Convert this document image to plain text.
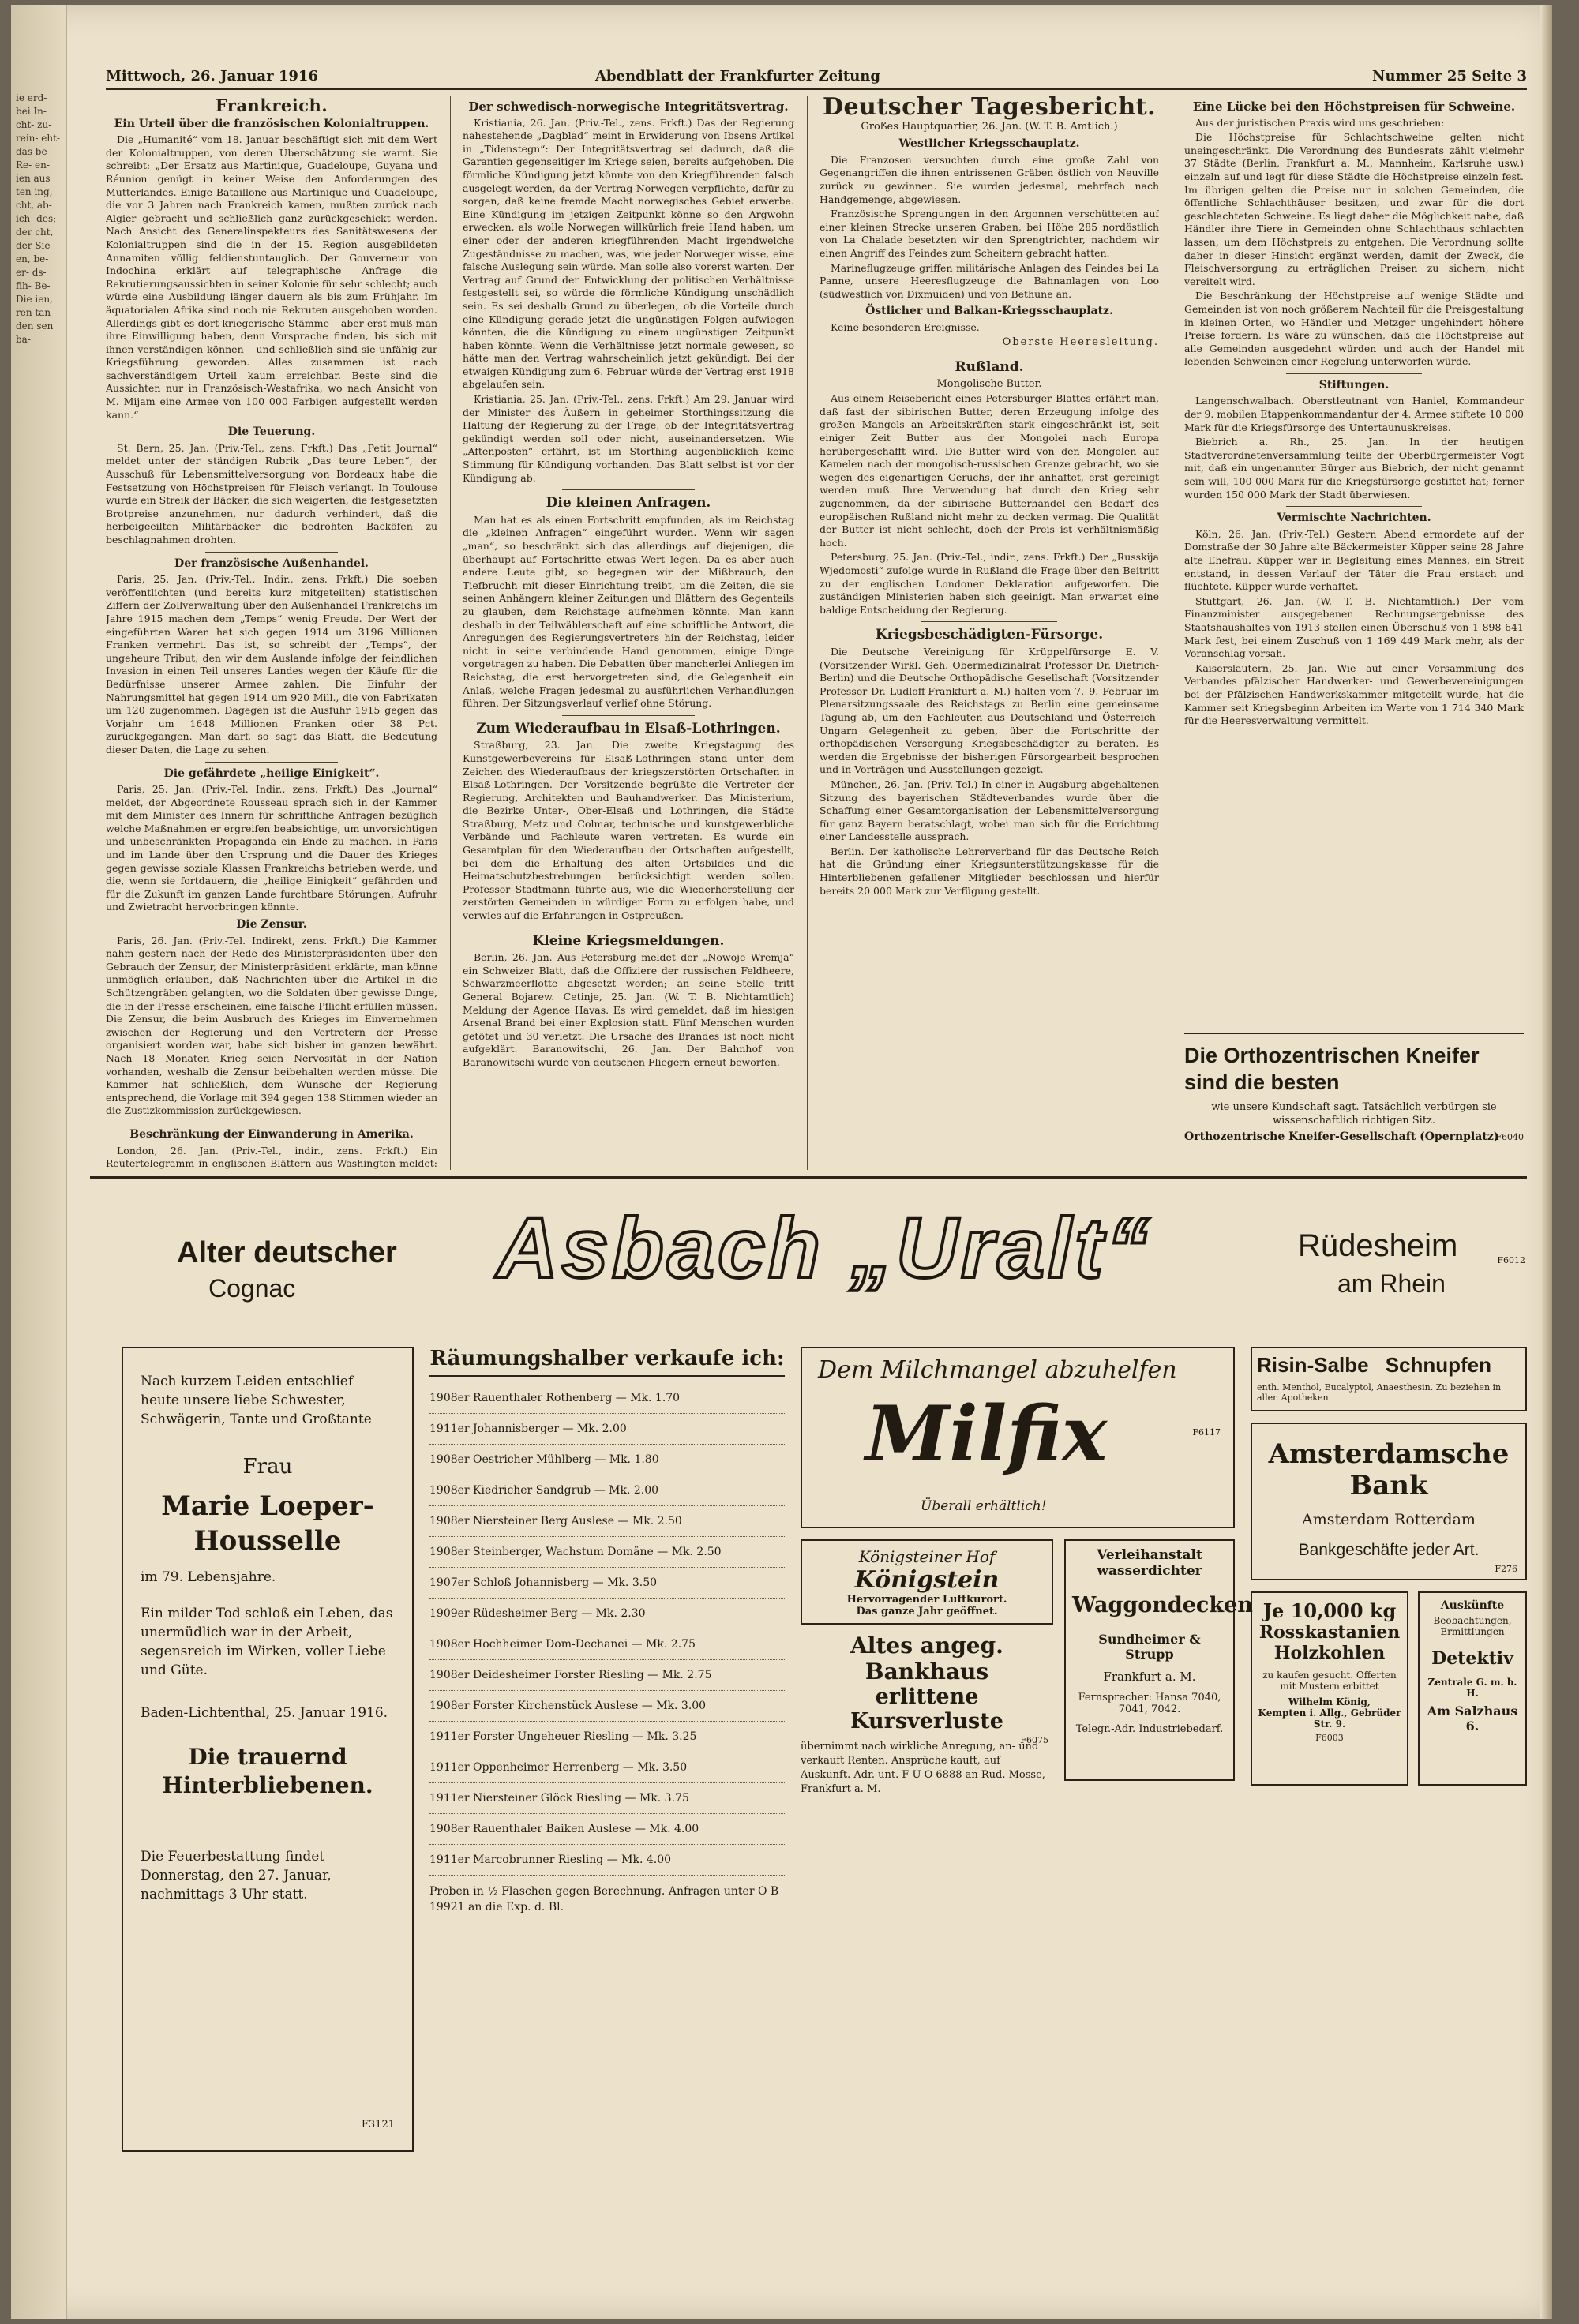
ie erd- bei In- cht- zu- rein- eht- das be- Re- en- ien aus ten ing, cht, ab- ich- des; der cht, der Sie en, be- er- ds- fih- Be- Die ien, ren tan den sen ba-
Mittwoch, 26. Januar 1916	Abendblatt der Frankfurter Zeitung	Nummer 25 Seite 3
Frankreich.
Ein Urteil über die französischen Kolonialtruppen.

Die „Humanité“ vom 18. Januar beschäftigt sich mit dem Wert der Kolonialtruppen, von deren Überschätzung sie warnt. Sie schreibt: „Der Ersatz aus Martinique, Guadeloupe, Guyana und Réunion genügt in keiner Weise den Anforderungen des Mutterlandes. Einige Bataillone aus Martinique und Guadeloupe, die vor 3 Jahren nach Frankreich kamen, mußten zurück nach Algier gebracht und schließlich ganz zurückgeschickt werden. Nach Ansicht des Generalinspekteurs des Sanitätswesens der Kolonialtruppen sind die in der 15. Region ausgebildeten Annamiten völlig feldienstuntauglich. Der Gouverneur von Indochina erklärt auf telegraphische Anfrage die Rekrutierungsaussichten in seiner Kolonie für sehr schlecht; auch würde eine Ausbildung länger dauern als bis zum Frühjahr. Im äquatorialen Afrika sind noch nie Rekruten ausgehoben worden. Allerdings gibt es dort kriegerische Stämme – aber erst muß man ihre Einwilligung haben, denn Vorsprache finden, bis sich mit ihnen verständigen können – und schließlich sind sie unfähig zur Kriegsführung geworden. Alles zusammen ist nach sachverständigem Urteil kaum erreichbar. Beste sind die Aussichten nur in Französisch-Westafrika, wo nach Ansicht von M. Mijam eine Armee von 100 000 Farbigen aufgestellt werden kann.“

Die Teuerung.

St. Bern, 25. Jan. (Priv.-Tel., zens. Frkft.) Das „Petit Journal“ meldet unter der ständigen Rubrik „Das teure Leben“, der Ausschuß für Lebensmittelversorgung von Bordeaux habe die Festsetzung von Höchstpreisen für Fleisch verlangt. In Toulouse wurde ein Streik der Bäcker, die sich weigerten, die festgesetzten Brotpreise anzunehmen, nur dadurch verhindert, daß die herbeigeeilten Militärbäcker die bedrohten Backöfen zu beschlagnahmen drohten.

Der französische Außenhandel.

Paris, 25. Jan. (Priv.-Tel., Indir., zens. Frkft.) Die soeben veröffentlichten (und bereits kurz mitgeteilten) statistischen Ziffern der Zollverwaltung über den Außenhandel Frankreichs im Jahre 1915 machen dem „Temps“ wenig Freude. Der Wert der eingeführten Waren hat sich gegen 1914 um 3196 Millionen Franken vermehrt. Das ist, so schreibt der „Temps“, der ungeheure Tribut, den wir dem Auslande infolge der feindlichen Invasion in einen Teil unseres Landes wegen der Käufe für die Bedürfnisse unserer Armee zahlen. Die Einfuhr der Nahrungsmittel hat gegen 1914 um 920 Mill., die von Fabrikaten um 120 zugenommen. Dagegen ist die Ausfuhr 1915 gegen das Vorjahr um 1648 Millionen Franken oder 38 Pct. zurückgegangen. Man darf, so sagt das Blatt, die Bedeutung dieser Daten, die Lage zu sehen.

Die gefährdete „heilige Einigkeit“.

Paris, 25. Jan. (Priv.-Tel. Indir., zens. Frkft.) Das „Journal“ meldet, der Abgeordnete Rousseau sprach sich in der Kammer mit dem Minister des Innern für schriftliche Anfragen bezüglich welche Maßnahmen er ergreifen beabsichtige, um unvorsichtigen und unbeschränkten Propaganda ein Ende zu machen. In Paris und im Lande über den Ursprung und die Dauer des Krieges gegen gewisse soziale Klassen Frankreichs betrieben werde, und die, wenn sie fortdauern, die „heilige Einigkeit“ gefährden und für die Zukunft im ganzen Lande furchtbare Störungen, Aufruhr und Zwietracht hervorbringen könnte.

Die Zensur.

Paris, 26. Jan. (Priv.-Tel. Indirekt, zens. Frkft.) Die Kammer nahm gestern nach der Rede des Ministerpräsidenten über den Gebrauch der Zensur, der Ministerpräsident erklärte, man könne unmöglich erlauben, daß Nachrichten über die Artikel in die Schützengräben gelangten, wo die Soldaten über gewisse Dinge, die in der Presse erscheinen, eine falsche Pflicht erfüllen müssen. Die Zensur, die beim Ausbruch des Krieges im Einvernehmen zwischen der Regierung und den Vertretern der Presse organisiert worden war, habe sich bisher im ganzen bewährt. Nach 18 Monaten Krieg seien Nervosität in der Nation vorhanden, weshalb die Zensur beibehalten werden müsse. Die Kammer hat schließlich, dem Wunsche der Regierung entsprechend, die Vorlage mit 394 gegen 138 Stimmen wieder an die Zustizkommission zurückgewiesen.

Beschränkung der Einwanderung in Amerika.

London, 26. Jan. (Priv.-Tel., indir., zens. Frkft.) Ein Reutertelegramm in englischen Blättern aus Washington meldet:

Der schwedisch-norwegische Integritätsvertrag.

Kristiania, 26. Jan. (Priv.-Tel., zens. Frkft.) Das der Regierung nahestehende „Dagblad“ meint in Erwiderung von Ibsens Artikel in „Tidenstegn“: Der Integritätsvertrag sei dadurch, daß die Garantien gegenseitiger im Kriege seien, bereits aufgehoben. Die förmliche Kündigung jetzt könnte von den Kriegführenden falsch ausgelegt werden, da der Vertrag Norwegen verpflichte, dafür zu sorgen, daß keine fremde Macht norwegisches Gebiet erwerbe. Eine Kündigung im jetzigen Zeitpunkt könne so den Argwohn erwecken, als wolle Norwegen willkürlich freie Hand haben, um einer oder der anderen kriegführenden Macht irgendwelche Zugeständnisse zu machen, was, wie jeder Norweger wisse, eine falsche Auslegung sein würde. Man solle also vorerst warten. Der Vertrag auf Grund der Entwicklung der politischen Verhältnisse festgestellt sei, so würde die förmliche Kündigung unschädlich sein. Es sei deshalb Grund zu überlegen, ob die Vorteile durch eine Kündigung gerade jetzt die ungünstigen Folgen aufwiegen könnten, die die Kündigung zu einem ungünstigen Zeitpunkt haben könnte. Wenn die Verhältnisse jetzt normale gewesen, so hätte man den Vertrag wahrscheinlich jetzt gekündigt. Bei der etwaigen Kündigung zum 6. Februar würde der Vertrag erst 1918 abgelaufen sein.

Kristiania, 25. Jan. (Priv.-Tel., zens. Frkft.) Am 29. Januar wird der Minister des Äußern in geheimer Storthingssitzung die Haltung der Regierung zu der Frage, ob der Integritätsvertrag gekündigt werden soll oder nicht, auseinandersetzen. Wie „Aftenposten“ erfährt, ist im Storthing augenblicklich keine Stimmung für Kündigung vorhanden. Das Blatt selbst ist vor der Kündigung ab.

Die kleinen Anfragen.

Man hat es als einen Fortschritt empfunden, als im Reichstag die „kleinen Anfragen“ eingeführt wurden. Wenn wir sagen „man“, so beschränkt sich das allerdings auf diejenigen, die überhaupt auf Fortschritte etwas Wert legen. Da es aber auch andere Leute gibt, so begegnen wir der Mißbrauch, den Tiefbruchh mit dieser Einrichtung treibt, um die Zeiten, die sie seinen Anhängern kleiner Zeitungen und Blättern des Gegenteils zu glauben, dem Reichstage aufnehmen könnte. Man kann deshalb in der Teilwählerschaft auf eine schriftliche Antwort, die Anregungen des Regierungsvertreters hin der Reichstag, leider nicht in seine verbindende Hand genommen, einige Dinge vorgetragen zu haben. Die Debatten über mancherlei Anliegen im Reichstag, die erst hervorgetreten sind, die Gelegenheit ein Anlaß, welche Fragen jedesmal zu ausführlichen Verhandlungen führen. Der Sitzungsverlauf verlief ohne Störung.

Zum Wiederaufbau in Elsaß-Lothringen.

Straßburg, 23. Jan. Die zweite Kriegstagung des Kunstgewerbevereins für Elsaß-Lothringen stand unter dem Zeichen des Wiederaufbaus der kriegszerstörten Ortschaften in Elsaß-Lothringen. Der Vorsitzende begrüßte die Vertreter der Regierung, Architekten und Bauhandwerker. Das Ministerium, die Bezirke Unter-, Ober-Elsaß und Lothringen, die Städte Straßburg, Metz und Colmar, technische und kunstgewerbliche Verbände und Fachleute waren vertreten. Es wurde ein Gesamtplan für den Wiederaufbau der Ortschaften aufgestellt, bei dem die Erhaltung des alten Ortsbildes und die Heimatschutzbestrebungen berücksichtigt werden sollen. Professor Stadtmann führte aus, wie die Wiederherstellung der zerstörten Gemeinden in würdiger Form zu erfolgen habe, und verwies auf die Erfahrungen in Ostpreußen.

Kleine Kriegsmeldungen.

Berlin, 26. Jan. Aus Petersburg meldet der „Nowoje Wremja“ ein Schweizer Blatt, daß die Offiziere der russischen Feldheere, Schwarzmeerflotte abgesetzt worden; an seine Stelle tritt General Bojarew. Cetinje, 25. Jan. (W. T. B. Nichtamtlich) Meldung der Agence Havas. Es wird gemeldet, daß im hiesigen Arsenal Brand bei einer Explosion statt. Fünf Menschen wurden getötet und 30 verletzt. Die Ursache des Brandes ist noch nicht aufgeklärt. Baranowitschi, 26. Jan. Der Bahnhof von Baranowitschi wurde von deutschen Fliegern erneut beworfen.

Deutscher Tagesbericht.
Großes Hauptquartier, 26. Jan. (W. T. B. Amtlich.)
Westlicher Kriegsschauplatz.

Die Franzosen versuchten durch eine große Zahl von Gegenangriffen die ihnen entrissenen Gräben östlich von Neuville zurück zu gewinnen. Sie wurden jedesmal, mehrfach nach Handgemenge, abgewiesen.

Französische Sprengungen in den Argonnen verschütteten auf einer kleinen Strecke unseren Graben, bei Höhe 285 nordöstlich von La Chalade besetzten wir den Sprengtrichter, nachdem wir einen Angriff des Feindes zum Scheitern gebracht hatten.

Marineflugzeuge griffen militärische Anlagen des Feindes bei La Panne, unsere Heeresflugzeuge die Bahnanlagen von Loo (südwestlich von Dixmuiden) und von Bethune an.

Östlicher und Balkan-Kriegsschauplatz.

Keine besonderen Ereignisse.

Oberste Heeresleitung.
Rußland.
Mongolische Butter.

Aus einem Reisebericht eines Petersburger Blattes erfährt man, daß fast der sibirischen Butter, deren Erzeugung infolge des großen Mangels an Arbeitskräften stark eingeschränkt ist, seit einiger Zeit Butter aus der Mongolei nach Europa herübergeschafft wird. Die Butter wird von den Mongolen auf Kamelen nach der mongolisch-russischen Grenze gebracht, wo sie wegen des eigenartigen Geruchs, der ihr anhaftet, erst gereinigt werden muß. Ihre Verwendung hat durch den Krieg sehr zugenommen, da der sibirische Butterhandel den Bedarf des europäischen Rußland nicht mehr zu decken vermag. Die Qualität der Butter ist nicht schlecht, doch der Preis ist verhältnismäßig hoch.

Petersburg, 25. Jan. (Priv.-Tel., indir., zens. Frkft.) Der „Russkija Wjedomosti“ zufolge wurde in Rußland die Frage über den Beitritt zu der englischen Londoner Deklaration aufgeworfen. Die zuständigen Ministerien haben sich geeinigt. Man erwartet eine baldige Entscheidung der Regierung.

Kriegsbeschädigten-Fürsorge.

Die Deutsche Vereinigung für Krüppelfürsorge E. V. (Vorsitzender Wirkl. Geh. Obermedizinalrat Professor Dr. Dietrich-Berlin) und die Deutsche Orthopädische Gesellschaft (Vorsitzender Professor Dr. Ludloff-Frankfurt a. M.) halten vom 7.–9. Februar im Plenarsitzungssaale des Reichstags zu Berlin eine gemeinsame Tagung ab, um den Fachleuten aus Deutschland und Österreich-Ungarn Gelegenheit zu geben, über die Fortschritte der orthopädischen Versorgung Kriegsbeschädigter zu beraten. Es werden die Ergebnisse der bisherigen Fürsorgearbeit besprochen und in Vorträgen und Ausstellungen gezeigt.

München, 26. Jan. (Priv.-Tel.) In einer in Augsburg abgehaltenen Sitzung des bayerischen Städteverbandes wurde über die Schaffung einer Gesamtorganisation der Lebensmittelversorgung für ganz Bayern beratschlagt, wobei man sich für die Errichtung einer Landesstelle aussprach.

Berlin. Der katholische Lehrerverband für das Deutsche Reich hat die Gründung einer Kriegsunterstützungskasse für die Hinterbliebenen gefallener Mitglieder beschlossen und hierfür bereits 20 000 Mark zur Verfügung gestellt.

Eine Lücke bei den Höchstpreisen für Schweine.

Aus der juristischen Praxis wird uns geschrieben:

Die Höchstpreise für Schlachtschweine gelten nicht uneingeschränkt. Die Verordnung des Bundesrats zählt vielmehr 37 Städte (Berlin, Frankfurt a. M., Mannheim, Karlsruhe usw.) einzeln auf und legt für diese Städte die Höchstpreise einzeln fest. Im übrigen gelten die Preise nur in solchen Gemeinden, die öffentliche Schlachthäuser besitzen, und zwar für die dort geschlachteten Schweine. Es liegt daher die Möglichkeit nahe, daß Händler ihre Tiere in Gemeinden ohne Schlachthaus schlachten lassen, um dem Höchstpreis zu entgehen. Die Verordnung sollte daher in dieser Hinsicht ergänzt werden, damit der Zweck, die Fleischversorgung zu erträglichen Preisen zu sichern, nicht vereitelt wird.

Die Beschränkung der Höchstpreise auf wenige Städte und Gemeinden ist von noch größerem Nachteil für die Preisgestaltung in kleinen Orten, wo Händler und Metzger ungehindert höhere Preise fordern. Es wäre zu wünschen, daß die Höchstpreise auf alle Gemeinden ausgedehnt würden und auch der Handel mit lebenden Schweinen einer Regelung unterworfen würde.

Stiftungen.

Langenschwalbach. Oberstleutnant von Haniel, Kommandeur der 9. mobilen Etappenkommandantur der 4. Armee stiftete 10 000 Mark für die Kriegsfürsorge des Untertaunuskreises.

Biebrich a. Rh., 25. Jan. In der heutigen Stadtverordnetenversammlung teilte der Oberbürgermeister Vogt mit, daß ein ungenannter Bürger aus Biebrich, der nicht genannt sein will, 100 000 Mark für die Kriegsfürsorge gestiftet hat; ferner wurden 150 000 Mark der Stadt überwiesen.

Vermischte Nachrichten.

Köln, 26. Jan. (Priv.-Tel.) Gestern Abend ermordete auf der Domstraße der 30 Jahre alte Bäckermeister Küpper seine 28 Jahre alte Ehefrau. Küpper war in Begleitung eines Mannes, ein Streit entstand, in dessen Verlauf der Täter die Frau erstach und flüchtete. Küpper wurde verhaftet.

Stuttgart, 26. Jan. (W. T. B. Nichtamtlich.) Der vom Finanzminister ausgegebenen Rechnungsergebnisse des Staatshaushaltes von 1913 stellen einen Überschuß von 1 898 641 Mark fest, bei einem Zuschuß von 1 169 449 Mark mehr, als der Voranschlag vorsah.

Kaiserslautern, 25. Jan. Wie auf einer Versammlung des Verbandes pfälzischer Handwerker- und Gewerbevereinigungen bei der Pfälzischen Handwerkskammer mitgeteilt wurde, hat die Kammer seit Kriegsbeginn Arbeiten im Werte von 1 714 340 Mark für die Heeresverwaltung vermittelt.

Die Orthozentrischen Kneifer sind die besten
wie unsere Kundschaft sagt. Tatsächlich verbürgen sie wissenschaftlich richtigen Sitz.
Orthozentrische Kneifer-Gesellschaft (Opernplatz)
F6040
Alter deutscher
Cognac	Asbach „Uralt“	Rüdesheim
am Rhein
F6012
Nach kurzem Leiden entschlief heute unsere liebe Schwester, Schwägerin, Tante und Großtante
Frau
Marie Loeper-Housselle
im 79. Lebensjahre.
Ein milder Tod schloß ein Leben, das unermüdlich war in der Arbeit, segensreich im Wirken, voller Liebe und Güte.
Baden-Lichtenthal, 25. Januar 1916.
Die trauernd Hinterbliebenen.
Die Feuerbestattung findet Donnerstag, den 27. Januar, nachmittags 3 Uhr statt.
F3121
Räumungshalber verkaufe ich:
1908er Rauenthaler Rothenberg — Mk. 1.70
1911er Johannisberger — Mk. 2.00
1908er Oestricher Mühlberg — Mk. 1.80
1908er Kiedricher Sandgrub — Mk. 2.00
1908er Niersteiner Berg Auslese — Mk. 2.50
1908er Steinberger, Wachstum Domäne — Mk. 2.50
1907er Schloß Johannisberg — Mk. 3.50
1909er Rüdesheimer Berg — Mk. 2.30
1908er Hochheimer Dom-Dechanei — Mk. 2.75
1908er Deidesheimer Forster Riesling — Mk. 2.75
1908er Forster Kirchenstück Auslese — Mk. 3.00
1911er Forster Ungeheuer Riesling — Mk. 3.25
1911er Oppenheimer Herrenberg — Mk. 3.50
1911er Niersteiner Glöck Riesling — Mk. 3.75
1908er Rauenthaler Baiken Auslese — Mk. 4.00
1911er Marcobrunner Riesling — Mk. 4.00
Proben in ½ Flaschen gegen Berechnung. Anfragen unter O B 19921 an die Exp. d. Bl.
Dem Milchmangel abzuhelfen
Milfix
Überall erhältlich!
F6117
Königsteiner Hof
Königstein
Hervorragender Luftkurort.
Das ganze Jahr geöffnet.
Verleihanstalt wasserdichter
Waggondecken
Sundheimer & Strupp
Frankfurt a. M.
Fernsprecher: Hansa 7040, 7041, 7042.
Telegr.-Adr. Industriebedarf.
Altes angeg. Bankhaus
erlittene Kursverluste
übernimmt nach wirkliche Anregung, an- und verkauft Renten. Ansprüche kauft, auf Auskunft. Adr. unt. F U O 6888 an Rud. Mosse, Frankfurt a. M.
F6075
Risin-Salbe Schnupfen
enth. Menthol, Eucalyptol, Anaesthesin. Zu beziehen in allen Apotheken.
Amsterdamsche Bank
Amsterdam Rotterdam
Bankgeschäfte jeder Art.
F276
Je 10,000 kg
Rosskastanien
Holzkohlen
zu kaufen gesucht. Offerten mit Mustern erbittet
Wilhelm König,
Kempten i. Allg., Gebrüder Str. 9.
F6003
Auskünfte
Beobachtungen, Ermittlungen
Detektiv
Zentrale G. m. b. H.
Am Salzhaus 6.
